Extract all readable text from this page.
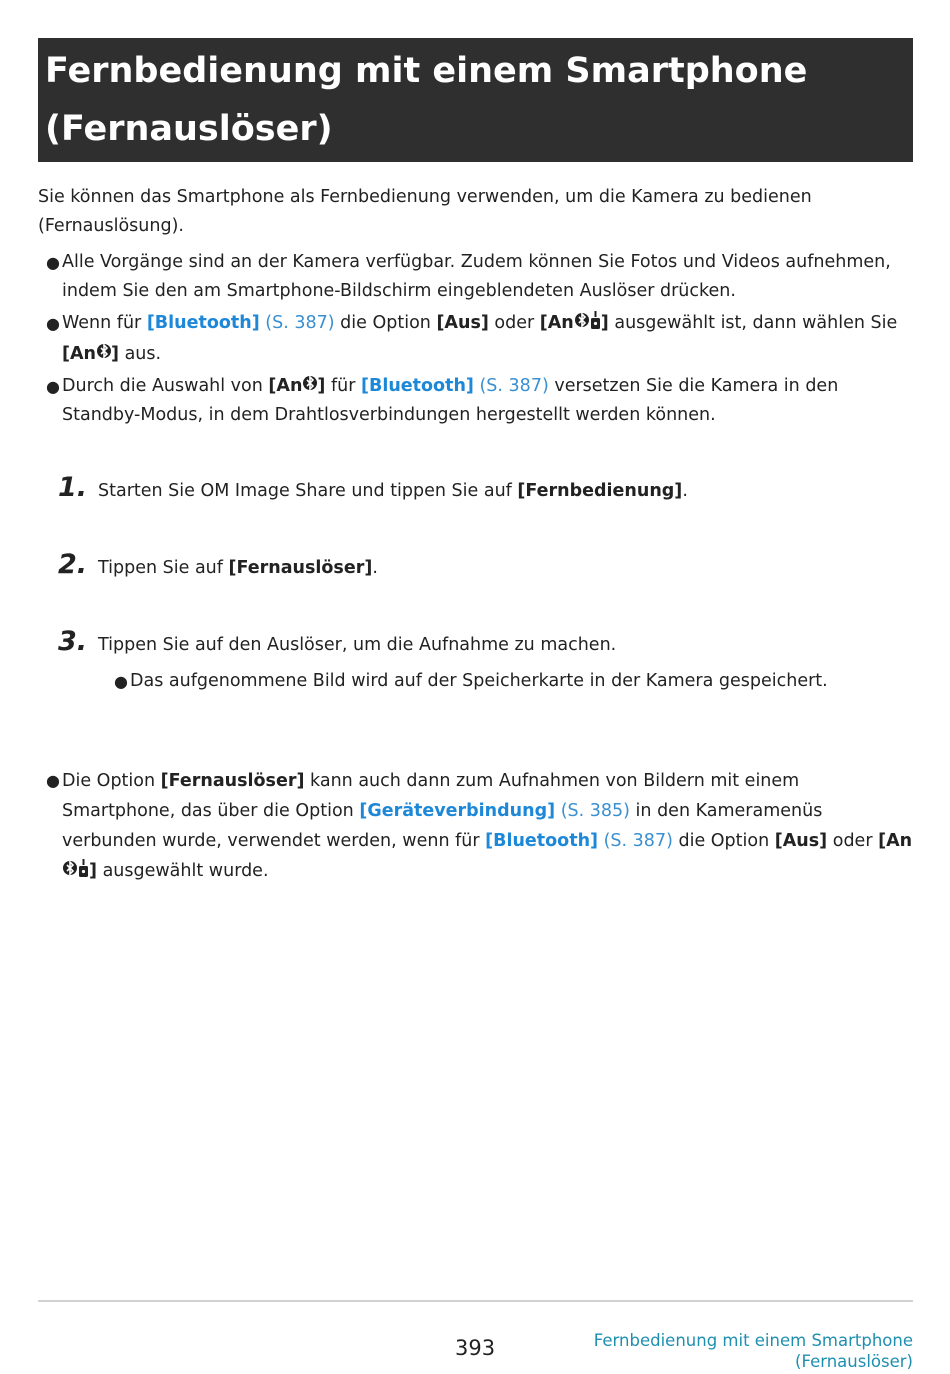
Fernbedienung mit einem Smartphone
(Fernauslöser)

Sie können das Smartphone als Fernbedienung verwenden, um die Kamera zu bedienen (Fernauslösung).

● Alle Vorgänge sind an der Kamera verfügbar. Zudem können Sie Fotos und Videos aufnehmen, indem Sie den am Smartphone-Bildschirm eingeblendeten Auslöser drücken.
● Wenn für [Bluetooth] (S. 387) die Option [Aus] oder [An ] ausgewählt ist, dann wählen Sie [An ] aus.
● Durch die Auswahl von [An ] für [Bluetooth] (S. 387) versetzen Sie die Kamera in den Standby-Modus, in dem Drahtlosverbindungen hergestellt werden können.
1. Starten Sie OM Image Share und tippen Sie auf [Fernbedienung].
2. Tippen Sie auf [Fernauslöser].
3. Tippen Sie auf den Auslöser, um die Aufnahme zu machen.
● Das aufgenommene Bild wird auf der Speicherkarte in der Kamera gespeichert.
● Die Option [Fernauslöser] kann auch dann zum Aufnahmen von Bildern mit einem Smartphone, das über die Option [Geräteverbindung] (S. 385) in den Kameramenüs verbunden wurde, verwendet werden, wenn für [Bluetooth] (S. 387) die Option [Aus] oder [An] ausgewählt wurde.
393	Fernbedienung mit einem Smartphone
(Fernauslöser)
